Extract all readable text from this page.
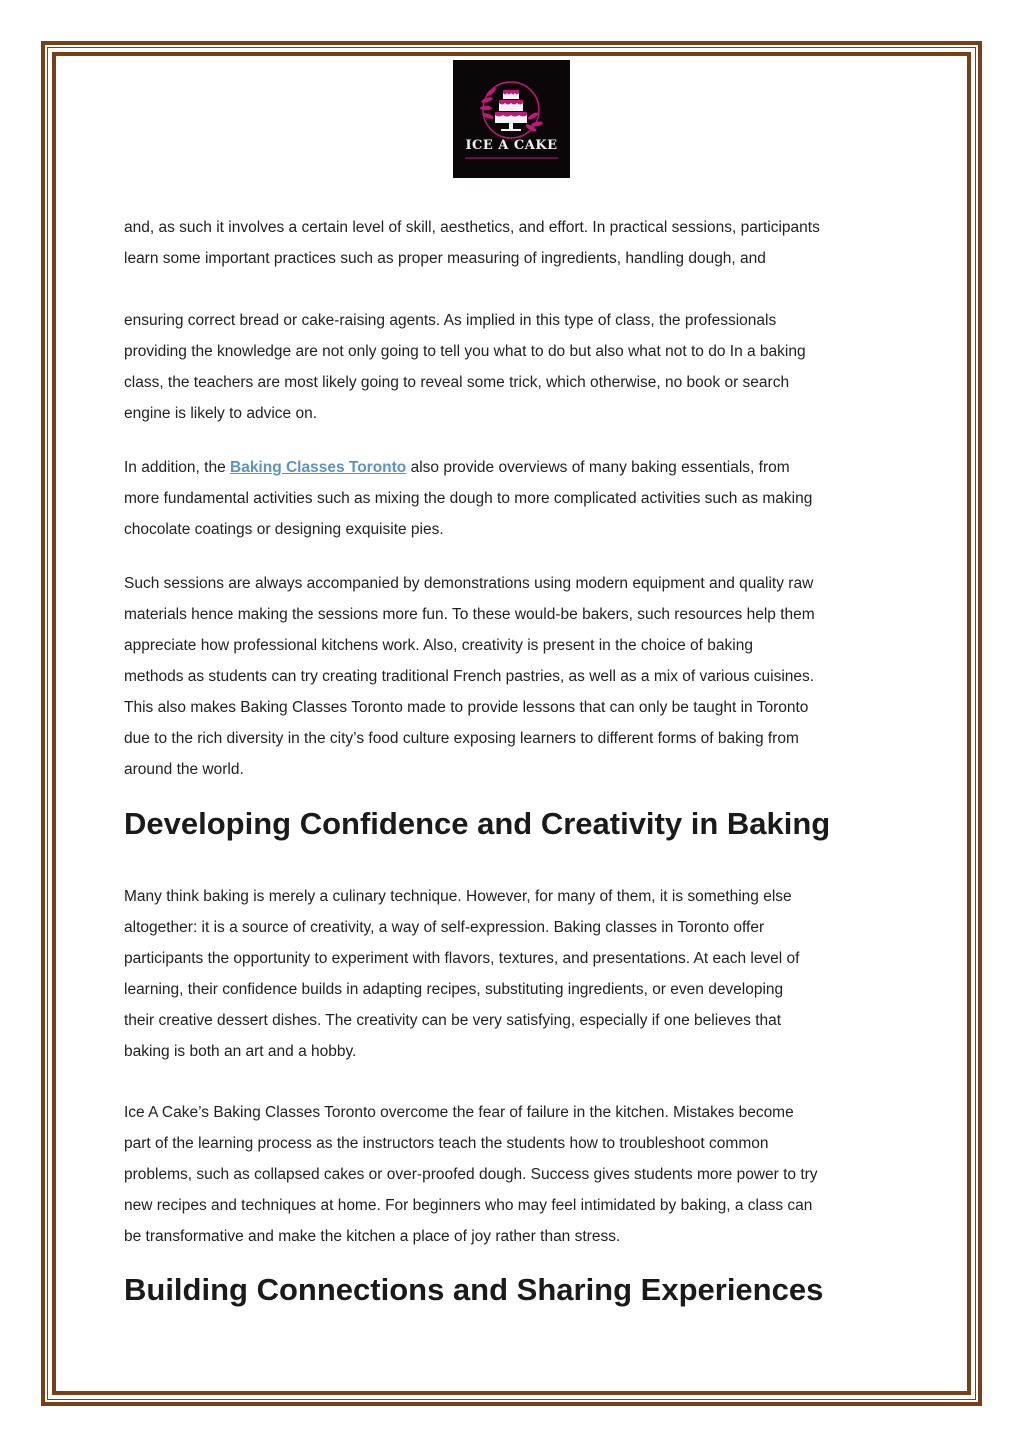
ICE A CAKE

and, as such it involves a certain level of skill, aesthetics, and effort. In practical sessions, participants
learn some important practices such as proper measuring of ingredients, handling dough, and

ensuring correct bread or cake-raising agents. As implied in this type of class, the professionals
providing the knowledge are not only going to tell you what to do but also what not to do In a baking
class, the teachers are most likely going to reveal some trick, which otherwise, no book or search
engine is likely to advice on.

In addition, the Baking Classes Toronto also provide overviews of many baking essentials, from
more fundamental activities such as mixing the dough to more complicated activities such as making
chocolate coatings or designing exquisite pies.

Such sessions are always accompanied by demonstrations using modern equipment and quality raw
materials hence making the sessions more fun. To these would-be bakers, such resources help them
appreciate how professional kitchens work. Also, creativity is present in the choice of baking
methods as students can try creating traditional French pastries, as well as a mix of various cuisines.
This also makes Baking Classes Toronto made to provide lessons that can only be taught in Toronto
due to the rich diversity in the city’s food culture exposing learners to different forms of baking from
around the world.

Developing Confidence and Creativity in Baking

Many think baking is merely a culinary technique. However, for many of them, it is something else
altogether: it is a source of creativity, a way of self-expression. Baking classes in Toronto offer
participants the opportunity to experiment with flavors, textures, and presentations. At each level of
learning, their confidence builds in adapting recipes, substituting ingredients, or even developing
their creative dessert dishes. The creativity can be very satisfying, especially if one believes that
baking is both an art and a hobby.

Ice A Cake’s Baking Classes Toronto overcome the fear of failure in the kitchen. Mistakes become
part of the learning process as the instructors teach the students how to troubleshoot common
problems, such as collapsed cakes or over-proofed dough. Success gives students more power to try
new recipes and techniques at home. For beginners who may feel intimidated by baking, a class can
be transformative and make the kitchen a place of joy rather than stress.

Building Connections and Sharing Experiences
